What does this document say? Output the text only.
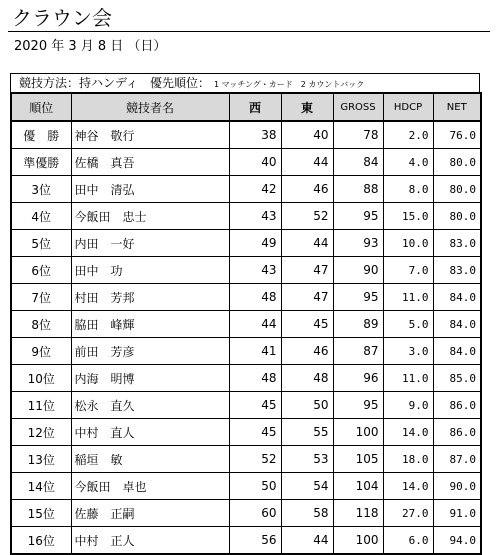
クラウン会
2020 年 3 月 8 日 （日）
競技方法：持ハンディ　優先順位： 1 マッチング・カード　2 カウントバック
順位	競技者名	西	東	GROSS	HDCP	NET
優　勝	神谷　敬行	38	40	78	2.0	76.0
準優勝	佐橋　真吾	40	44	84	4.0	80.0
3位	田中　清弘	42	46	88	8.0	80.0
4位	今飯田　忠士	43	52	95	15.0	80.0
5位	内田　一好	49	44	93	10.0	83.0
6位	田中　功	43	47	90	7.0	83.0
7位	村田　芳邦	48	47	95	11.0	84.0
8位	脇田　峰輝	44	45	89	5.0	84.0
9位	前田　芳彦	41	46	87	3.0	84.0
10位	内海　明博	48	48	96	11.0	85.0
11位	松永　直久	45	50	95	9.0	86.0
12位	中村　直人	45	55	100	14.0	86.0
13位	稲垣　敏	52	53	105	18.0	87.0
14位	今飯田　卓也	50	54	104	14.0	90.0
15位	佐藤　正嗣	60	58	118	27.0	91.0
16位	中村　正人	56	44	100	6.0	94.0
